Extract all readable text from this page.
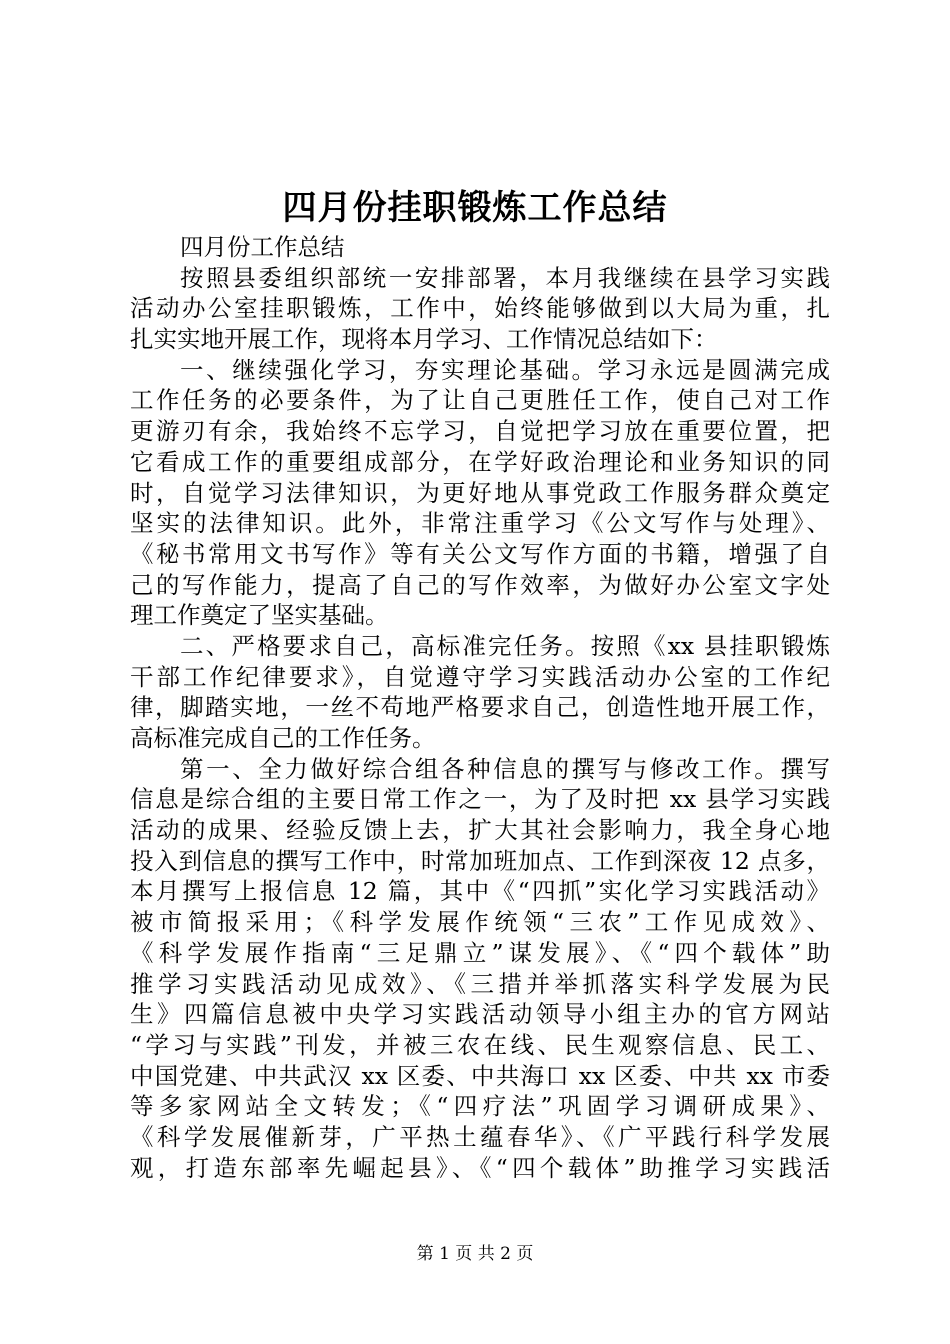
四月份挂职锻炼工作总结
四月份工作总结
按照县委组织部统一安排部署，本月我继续在县学习实践
活动办公室挂职锻炼，工作中，始终能够做到以大局为重，扎
扎实实地开展工作，现将本月学习、工作情况总结如下：
一、继续强化学习，夯实理论基础。学习永远是圆满完成
工作任务的必要条件，为了让自己更胜任工作，使自己对工作
更游刃有余，我始终不忘学习，自觉把学习放在重要位置，把
它看成工作的重要组成部分，在学好政治理论和业务知识的同
时，自觉学习法律知识，为更好地从事党政工作服务群众奠定
坚实的法律知识。此外，非常注重学习《公文写作与处理》、
《秘书常用文书写作》等有关公文写作方面的书籍，增强了自
己的写作能力，提高了自己的写作效率，为做好办公室文字处
理工作奠定了坚实基础。
二、严格要求自己，高标准完任务。按照《xx 县挂职锻炼
干部工作纪律要求》，自觉遵守学习实践活动办公室的工作纪
律，脚踏实地，一丝不苟地严格要求自己，创造性地开展工作，
高标准完成自己的工作任务。
第一、全力做好综合组各种信息的撰写与修改工作。撰写
信息是综合组的主要日常工作之一，为了及时把 xx 县学习实践
活动的成果、经验反馈上去，扩大其社会影响力，我全身心地
投入到信息的撰写工作中，时常加班加点、工作到深夜 12 点多，
本月撰写上报信息 12 篇，其中《“四抓”实化学习实践活动》
被市简报采用；《科学发展作统领“三农”工作见成效》、
《科学发展作指南“三足鼎立”谋发展》、《“四个载体”助
推学习实践活动见成效》、《三措并举抓落实科学发展为民
生》四篇信息被中央学习实践活动领导小组主办的官方网站
“学习与实践”刊发，并被三农在线、民生观察信息、民工、
中国党建、中共武汉 xx 区委、中共海口 xx 区委、中共 xx 市委
等多家网站全文转发；《“四疗法”巩固学习调研成果》、
《科学发展催新芽，广平热土蕴春华》、《广平践行科学发展
观，打造东部率先崛起县》、《“四个载体”助推学习实践活
第 1 页 共 2 页
